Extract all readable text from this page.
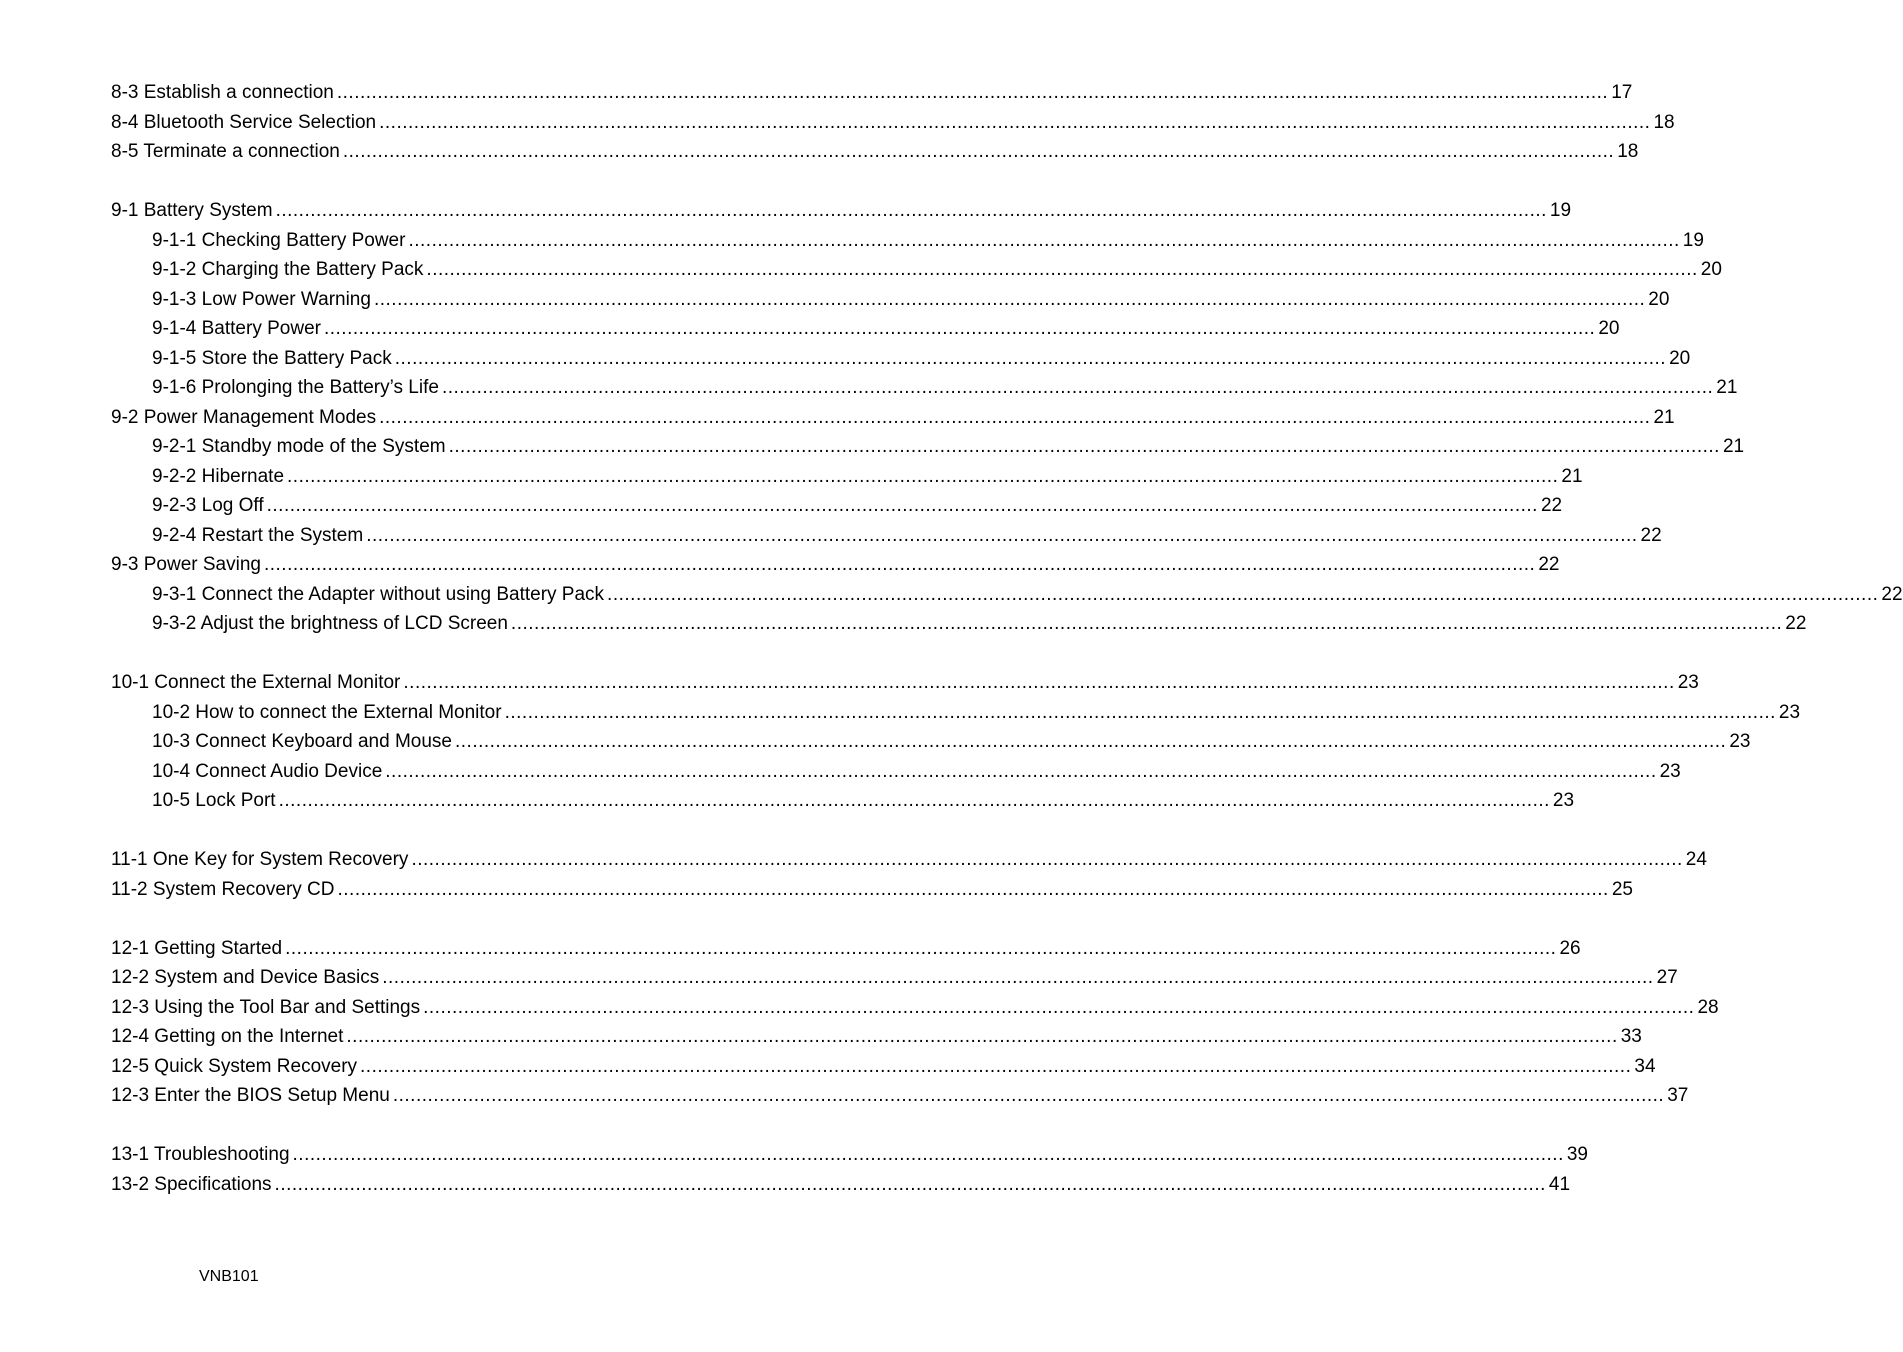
8-3 Establish a connection ............................................................................................................................................................................................................................ 17
8-4 Bluetooth Service Selection ............................................................................................................................................................................................................................ 18
8-5 Terminate a connection ............................................................................................................................................................................................................................ 18
9-1 Battery System ............................................................................................................................................................................................................................ 19
9-1-1 Checking Battery Power ............................................................................................................................................................................................................................ 19
9-1-2 Charging the Battery Pack ............................................................................................................................................................................................................................ 20
9-1-3 Low Power Warning ............................................................................................................................................................................................................................ 20
9-1-4 Battery Power ............................................................................................................................................................................................................................ 20
9-1-5 Store the Battery Pack ............................................................................................................................................................................................................................ 20
9-1-6 Prolonging the Battery’s Life ............................................................................................................................................................................................................................ 21
9-2 Power Management Modes ............................................................................................................................................................................................................................ 21
9-2-1 Standby mode of the System ............................................................................................................................................................................................................................ 21
9-2-2 Hibernate ............................................................................................................................................................................................................................ 21
9-2-3 Log Off ............................................................................................................................................................................................................................ 22
9-2-4 Restart the System ............................................................................................................................................................................................................................ 22
9-3 Power Saving ............................................................................................................................................................................................................................ 22
9-3-1 Connect the Adapter without using Battery Pack ............................................................................................................................................................................................................................ 22
9-3-2 Adjust the brightness of LCD Screen ............................................................................................................................................................................................................................ 22
10-1 Connect the External Monitor ............................................................................................................................................................................................................................ 23
10-2 How to connect the External Monitor ............................................................................................................................................................................................................................ 23
10-3 Connect Keyboard and Mouse ............................................................................................................................................................................................................................ 23
10-4 Connect Audio Device ............................................................................................................................................................................................................................ 23
10-5 Lock Port ............................................................................................................................................................................................................................ 23
11-1 One Key for System Recovery ............................................................................................................................................................................................................................ 24
11-2 System Recovery CD ............................................................................................................................................................................................................................ 25
12-1 Getting Started ............................................................................................................................................................................................................................ 26
12-2 System and Device Basics ............................................................................................................................................................................................................................ 27
12-3 Using the Tool Bar and Settings ............................................................................................................................................................................................................................ 28
12-4 Getting on the Internet ............................................................................................................................................................................................................................ 33
12-5 Quick System Recovery ............................................................................................................................................................................................................................ 34
12-3 Enter the BIOS Setup Menu ............................................................................................................................................................................................................................ 37
13-1 Troubleshooting ............................................................................................................................................................................................................................ 39
13-2 Specifications ............................................................................................................................................................................................................................ 41
VNB101
